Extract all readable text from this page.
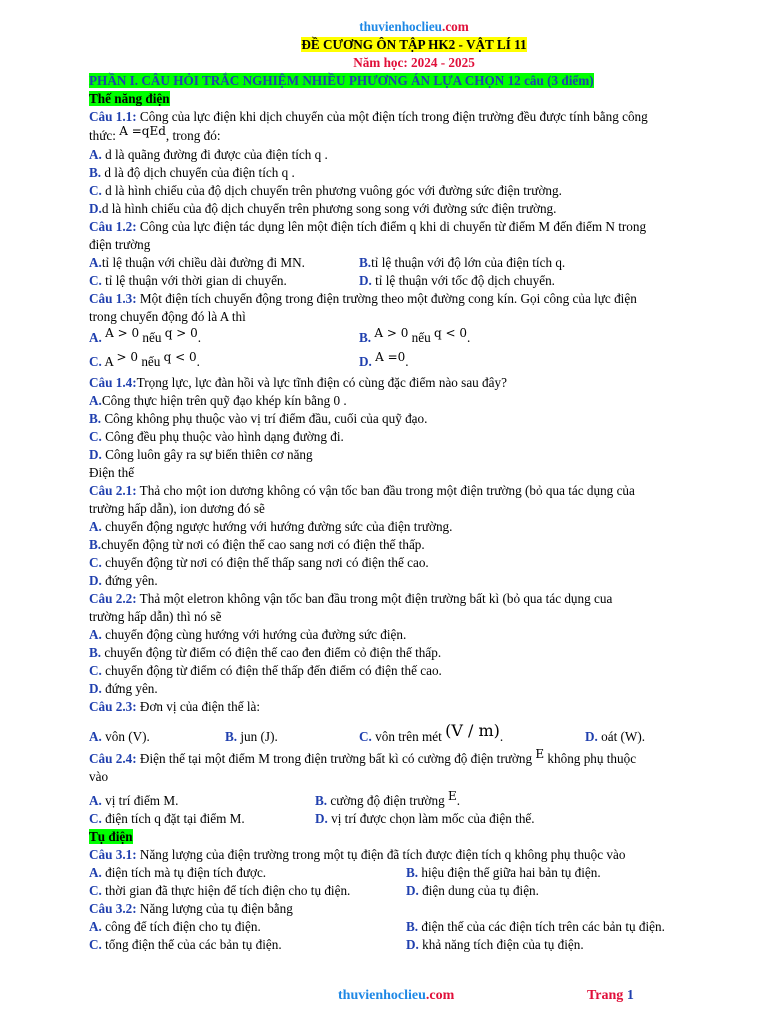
thuvienhoclieu.com
ĐỀ CƯƠNG ÔN TẬP HK2 - VẬT LÍ 11
Năm học: 2024 - 2025
PHẦN I. CÂU HỎI TRẮC NGHIỆM NHIỀU PHƯƠNG ÁN LỰA CHỌN 12 câu (3 điểm)
Thế năng điện
Câu 1.1: Công của lực điện khi dịch chuyển của một điện tích trong điện trường đều được tính bằng công
thức: A =qEd, trong đó:
A. d là quãng đường đi được của điện tích q .
B. d là độ dịch chuyển của điện tích q .
C. d là hình chiếu của độ dịch chuyển trên phương vuông góc với đường sức điện trường.
D.d là hình chiếu của độ dịch chuyển trên phương song song với đường sức điện trường.
Câu 1.2: Công của lực điện tác dụng lên một điện tích điểm q khi di chuyển từ điểm M đến điểm N trong
điện trường
A.tỉ lệ thuận với chiều dài đường đi MN.	B.tỉ lệ thuận với độ lớn của điện tích q.
C. tỉ lệ thuận với thời gian di chuyển.	D. tỉ lệ thuận với tốc độ dịch chuyển.
Câu 1.3: Một điện tích chuyển động trong điện trường theo một đường cong kín. Gọi công của lực điện
trong chuyển động đó là A thì
A. A > 0 nếu q > 0.	B. A > 0 nếu q < 0.
C. A > 0 nếu q < 0.	D. A =0.
Câu 1.4:Trọng lực, lực đàn hồi và lực tĩnh điện có cùng đặc điểm nào sau đây?
A.Công thực hiện trên quỹ đạo khép kín bằng 0 .
B. Công không phụ thuộc vào vị trí điểm đầu, cuối của quỹ đạo.
C. Công đều phụ thuộc vào hình dạng đường đi.
D. Công luôn gây ra sự biến thiên cơ năng
Điện thế
Câu 2.1: Thả cho một ion dương không có vận tốc ban đầu trong một điện trường (bỏ qua tác dụng của
trường hấp dẫn), ion dương đó sẽ
A. chuyển động ngược hướng với hướng đường sức của điện trường.
B.chuyển động từ nơi có điện thế cao sang nơi có điện thế thấp.
C. chuyển động từ nơi có điện thế thấp sang nơi có điện thế cao.
D. đứng yên.
Câu 2.2: Thả một eletron không vận tốc ban đầu trong một điện trường bất kì (bỏ qua tác dụng cua
trường hấp dẫn) thì nó sẽ
A. chuyển động cùng hướng với hướng của đường sức điện.
B. chuyển động từ điểm có điện thế cao đen điểm cỏ điện thế thấp.
C. chuyển động từ điểm có điện thế thấp đến điểm có điện thế cao.
D. đứng yên.
Câu 2.3: Đơn vị của điện thế là:
A. vôn (V).	B. jun (J).	C. vôn trên mét (V / m).	D. oát (W).
Câu 2.4: Điện thế tại một điểm M trong điện trường bất kì có cường độ điện trường E không phụ thuộc
vào
A. vị trí điểm M.	B. cường độ điện trường E.
C. điện tích q đặt tại điểm M.	D. vị trí được chọn làm mốc của điện thế.
Tụ điện
Câu 3.1: Năng lượng của điện trường trong một tụ điện đã tích được điện tích q không phụ thuộc vào
A. điện tích mà tụ điện tích được.	B. hiệu điện thế giữa hai bản tụ điện.
C. thời gian đã thực hiện để tích điện cho tụ điện.	D. điện dung của tụ điện.
Câu 3.2: Năng lượng của tụ điện bằng
A. công để tích điện cho tụ điện.	B. điện thế của các điện tích trên các bản tụ điện.
C. tổng điện thế của các bản tụ điện.	D. khả năng tích điện của tụ điện.
thuvienhoclieu.com	Trang 1
